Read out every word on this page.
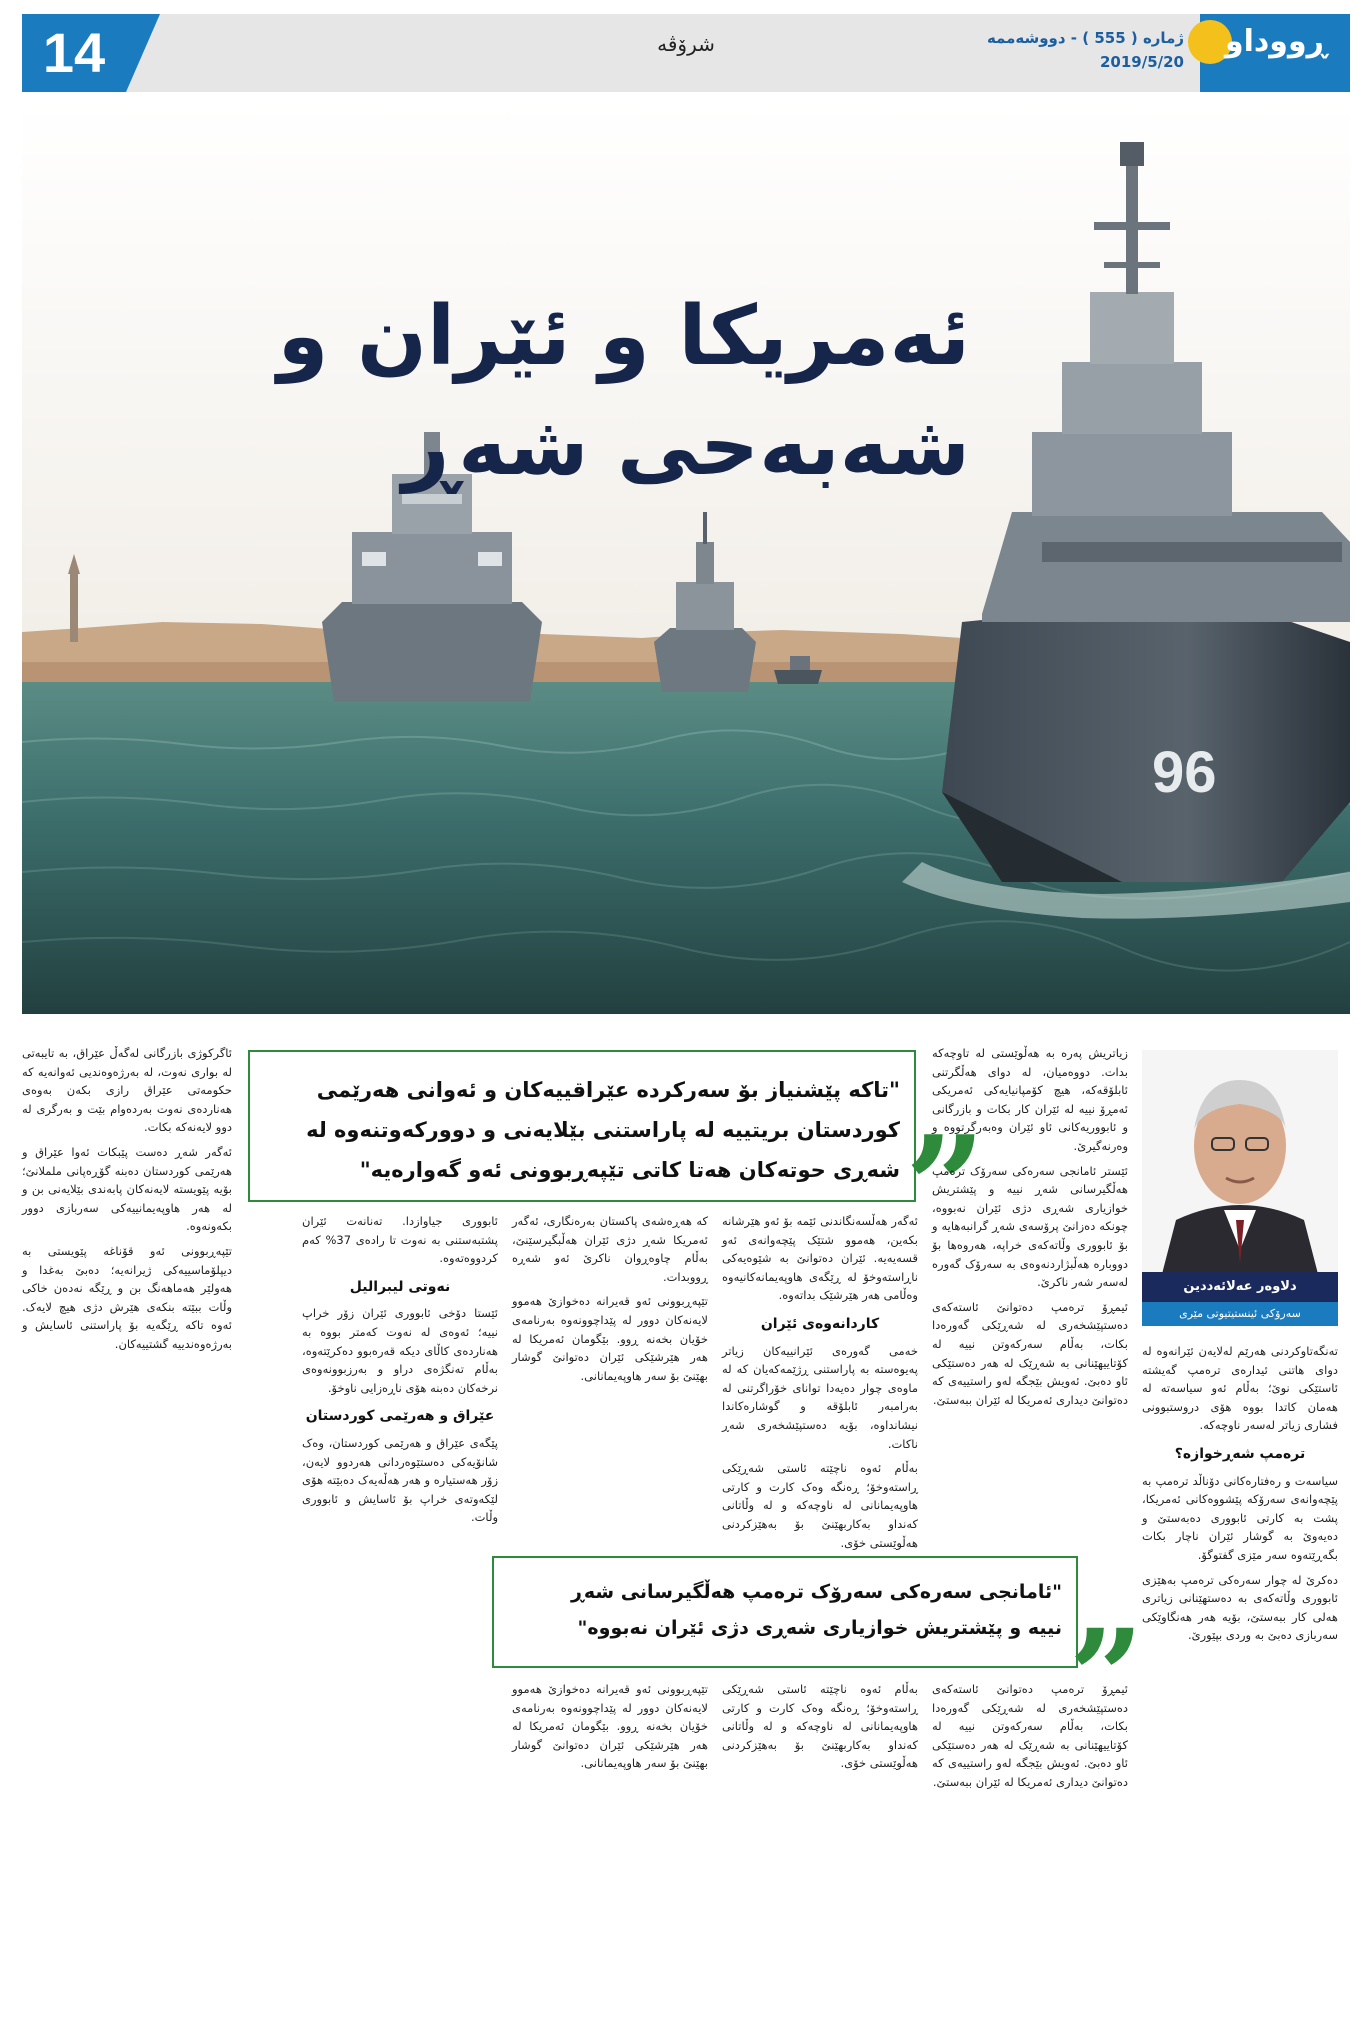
14	شرۆڤە	ژمارە ( 555 ) - دووشەممە
2019/5/20
ڕووداو
96
ئەمریکا و ئێران و
شەبەحی شەڕ
دلاوەر عەلائەددین
سەرۆکی ئینستیتیوتی مێری
„
"تاکە پێشنیاز بۆ سەرکردە عێراقییەکان و ئەوانی هەرێمی
کوردستان بریتییە لە پاراستنی بێلایەنی و دوورکەوتنەوە لە
شەڕی حوتەکان هەتا کاتی تێپەڕبوونی ئەو گەوارەیە"
„
"ئامانجی سەرەکی سەرۆک ترەمپ هەڵگیرسانی شەڕ
نییە و پێشتریش خوازیاری شەڕی دژی ئێران نەبووە"

تەنگەتاوکردنی هەرێم لەلایەن ئێرانەوە لە دوای هاتنی ئیدارەی ترەمپ گەیشتە ئاستێکی نوێ؛ بەڵام ئەو سیاسەتە لە هەمان کاتدا بووە هۆی دروستبوونی فشاری زیاتر لەسەر ناوچەکە.

ترەمپ شەڕخوازە؟

سیاسەت و رەفتارەکانی دۆناڵد ترەمپ بە پێچەوانەی سەرۆکە پێشووەکانی ئەمریکا، پشت بە کارتی ئابووری دەبەستێ و دەیەوێ بە گوشار ئێران ناچار بکات بگەڕێتەوە سەر مێزی گفتوگۆ.

دەکرێ لە چوار سەرەکی ترەمپ بەهێزی ئابووری وڵاتەکەی بە دەستهێنانی زیاتری هەلی کار ببەستێ، بۆیە هەر هەنگاوێکی سەربازی دەبێ بە وردی بپێورێ.

زیاتریش پەرە بە هەڵوێستی لە تاوچەکە بدات. دووەمیان، لە دوای هەڵگرتنی ئابلۆقەکە، هیچ کۆمپانیایەکی ئەمریکی ئەمڕۆ نییە لە ئێران کار بکات و بازرگانی و ئابووریەکانی ئاو ئێران وەبەرگرتووە و وەرنەگیرێ.

ئێستر ئامانجی سەرەکی سەرۆک ترەمپ هەڵگیرسانی شەڕ نییە و پێشتریش خوازیاری شەڕی دژی ئێران نەبووە، چونکە دەزانێ پرۆسەی شەڕ گرانبەهایە و بۆ ئابووری وڵاتەکەی خراپە، هەروەها بۆ دووبارە هەڵبژاردنەوەی بە سەرۆک گەورە لەسەر شەر ناکرێ.

ئیمڕۆ ترەمپ دەتوانێ ئاستەکەی دەستپێشخەری لە شەڕێکی گەورەدا بکات، بەڵام سەرکەوتن نییە لە کۆتاییهێنانی بە شەڕێک لە هەر دەستێکی ئاو دەبێ. ئەویش بێجگە لەو راستییەی کە دەتوانێ دیداری ئەمریکا لە ئێران ببەستێ.

ئەگەر هەڵسەنگاندنی ئێمە بۆ ئەو هێرشانە بکەین، هەموو شتێک پێچەوانەی ئەو قسەیەیە. ئێران دەتوانێ بە شێوەیەکی ناڕاستەوخۆ لە ڕێگەی هاوپەیمانەکانیەوە وەڵامی هەر هێرشێک بداتەوە.

کاردانەوەی ئێران

خەمی گەورەی ئێرانییەکان زیاتر پەیوەستە بە پاراستنی ڕژێمەکەیان کە لە ماوەی چوار دەیەدا توانای خۆراگرتنی لە بەرامبەر ئابلۆقە و گوشارەکاندا نیشانداوە، بۆیە دەستپێشخەری شەڕ ناکات.

بەڵام ئەوە ناچێتە ئاستی شەڕێکی ڕاستەوخۆ؛ ڕەنگە وەک کارت و کارتی هاوپەیمانانی لە ناوچەکە و لە وڵاتانی کەنداو بەکاربهێنێ بۆ بەهێزکردنی هەڵوێستی خۆی.

کە هەڕەشەی پاکستان بەرەنگاری، ئەگەر ئەمریکا شەڕ دژی ئێران هەڵبگیرسێنێ، بەڵام چاوەڕوان ناکرێ ئەو شەڕە ڕووبدات.

تێپەڕبوونی ئەو قەیرانە دەخوازێ هەموو لایەنەکان دوور لە پێداچوونەوە بەرنامەی خۆیان بخەنە ڕوو. بێگومان ئەمریکا لە هەر هێرشێکی ئێران دەتوانێ گوشار بهێنێ بۆ سەر هاوپەیمانانی.

ئابووری جیاوازدا. تەنانەت ئێران پشتبەستنی بە نەوت تا رادەی 37% کەم کردووەتەوە.

نەوتی لیبرالیل

ئێستا دۆخی ئابووری ئێران زۆر خراپ نییە؛ ئەوەی لە نەوت کەمتر بووە بە هەناردەی کاڵای دیکە قەرەبوو دەکرێتەوە، بەڵام تەنگژەی دراو و بەرزبوونەوەی نرخەکان دەبنە هۆی ناڕەزایی ناوخۆ.

عێراق و هەرێمی کوردستان

پێگەی عێراق و هەرێمی کوردستان، وەک شانۆیەکی دەستێوەردانی هەردوو لایەن، زۆر هەستیارە و هەر هەڵەیەک دەبێتە هۆی لێکەوتەی خراپ بۆ ئاسایش و ئابووری وڵات.

ئاگرکوژی بازرگانی لەگەڵ عێراق، بە تایبەتی لە بواری نەوت، لە بەرژەوەندیی ئەوانەیە کە حکومەتی عێراق رازی بکەن بەوەی هەناردەی نەوت بەردەوام بێت و بەرگری لە دوو لایەنەکە بکات.

ئەگەر شەڕ دەست پێبکات ئەوا عێراق و هەرێمی کوردستان دەبنە گۆڕەپانی ململانێ؛ بۆیە پێویستە لایەنەکان پابەندی بێلایەنی بن و لە هەر هاوپەیمانییەکی سەربازی دوور بکەونەوە.

تێپەڕبوونی ئەو قۆناغە پێویستی بە دیپلۆماسییەکی ژیرانەیە؛ دەبێ بەغدا و هەولێر هەماهەنگ بن و ڕێگە نەدەن خاکی وڵات ببێتە بنکەی هێرش دژی هیچ لایەک. ئەوە تاکە ڕێگەیە بۆ پاراستنی ئاسایش و بەرژەوەندییە گشتییەکان.

ئیمڕۆ ترەمپ دەتوانێ ئاستەکەی دەستپێشخەری لە شەڕێکی گەورەدا بکات، بەڵام سەرکەوتن نییە لە کۆتاییهێنانی بە شەڕێک لە هەر دەستێکی ئاو دەبێ. ئەویش بێجگە لەو راستییەی کە دەتوانێ دیداری ئەمریکا لە ئێران ببەستێ.

بەڵام ئەوە ناچێتە ئاستی شەڕێکی ڕاستەوخۆ؛ ڕەنگە وەک کارت و کارتی هاوپەیمانانی لە ناوچەکە و لە وڵاتانی کەنداو بەکاربهێنێ بۆ بەهێزکردنی هەڵوێستی خۆی.

تێپەڕبوونی ئەو قەیرانە دەخوازێ هەموو لایەنەکان دوور لە پێداچوونەوە بەرنامەی خۆیان بخەنە ڕوو. بێگومان ئەمریکا لە هەر هێرشێکی ئێران دەتوانێ گوشار بهێنێ بۆ سەر هاوپەیمانانی.
